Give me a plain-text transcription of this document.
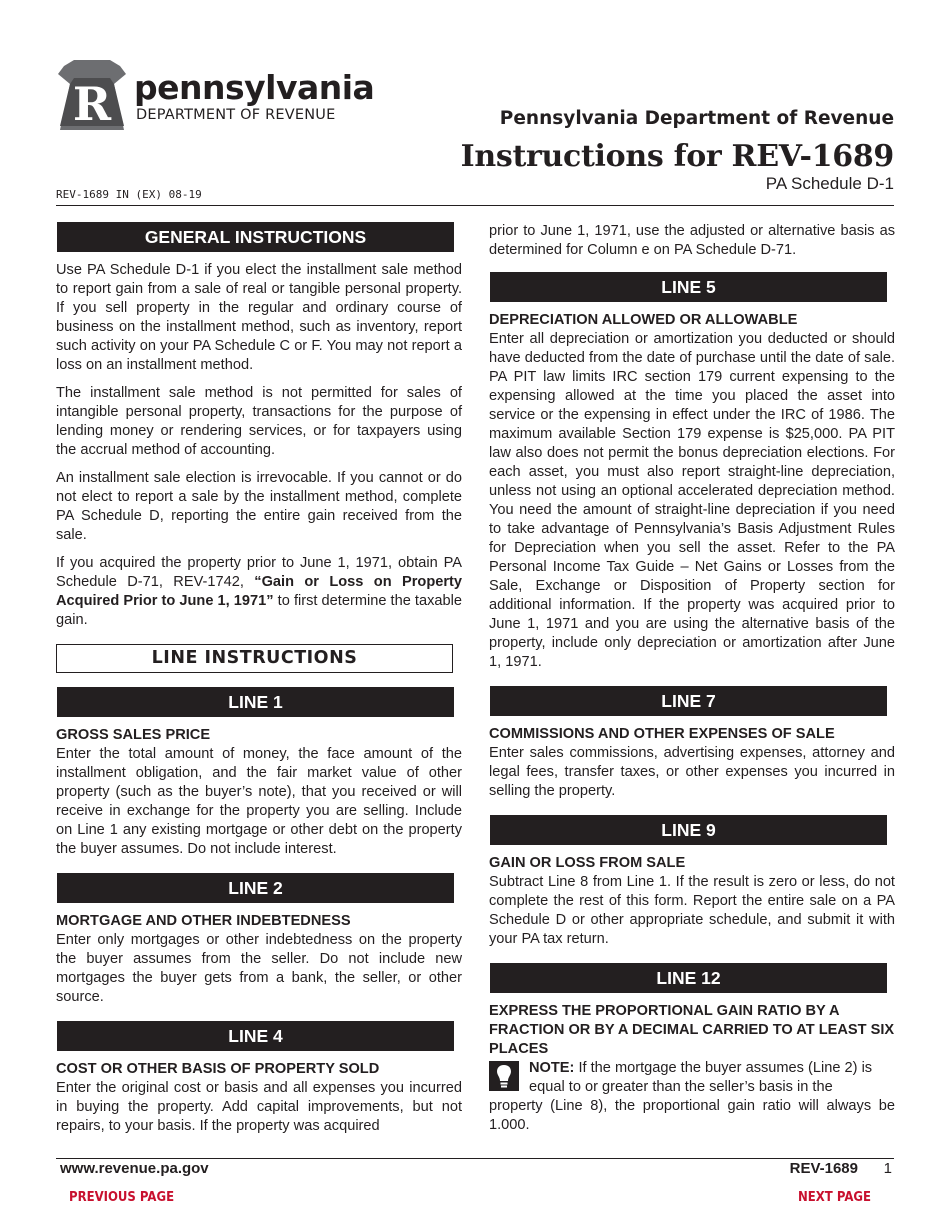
R pennsylvania
DEPARTMENT OF REVENUE	Pennsylvania Department of Revenue
Instructions for REV-1689
PA Schedule D-1
REV-1689 IN (EX) 08-19
GENERAL INSTRUCTIONS

Use PA Schedule D-1 if you elect the installment sale method to report gain from a sale of real or tangible personal property. If you sell property in the regular and ordinary course of business on the installment method, such as inventory, report such activity on your PA Schedule C or F. You may not report a loss on an installment method.

The installment sale method is not permitted for sales of intangible personal property, transactions for the purpose of lending money or rendering services, or for taxpayers using the accrual method of accounting.

An installment sale election is irrevocable. If you cannot or do not elect to report a sale by the installment method, complete PA Schedule D, reporting the entire gain received from the sale.

If you acquired the property prior to June 1, 1971, obtain PA Schedule D-71, REV-1742, “Gain or Loss on Property Acquired Prior to June 1, 1971” to first determine the taxable gain.

LINE INSTRUCTIONS
LINE 1
GROSS SALES PRICE

Enter the total amount of money, the face amount of the installment obligation, and the fair market value of other property (such as the buyer’s note), that you received or will receive in exchange for the property you are selling. Include on Line 1 any existing mortgage or other debt on the property the buyer assumes. Do not include interest.

LINE 2
MORTGAGE AND OTHER INDEBTEDNESS

Enter only mortgages or other indebtedness on the property the buyer assumes from the seller. Do not include new mortgages the buyer gets from a bank, the seller, or other source.

LINE 4
COST OR OTHER BASIS OF PROPERTY SOLD

Enter the original cost or basis and all expenses you incurred in buying the property. Add capital improvements, but not repairs, to your basis. If the property was acquired

prior to June 1, 1971, use the adjusted or alternative basis as determined for Column e on PA Schedule D-71.

LINE 5
DEPRECIATION ALLOWED OR ALLOWABLE

Enter all depreciation or amortization you deducted or should have deducted from the date of purchase until the date of sale. PA PIT law limits IRC section 179 current expensing to the expensing allowed at the time you placed the asset into service or the expensing in effect under the IRC of 1986. The maximum available Section 179 expense is $25,000. PA PIT law also does not permit the bonus depreciation elections. For each asset, you must also report straight-line depreciation, unless not using an optional accelerated depreciation method. You need the amount of straight-line depreciation if you need to take advantage of Pennsylvania’s Basis Adjustment Rules for Depreciation when you sell the asset. Refer to the PA Personal Income Tax Guide – Net Gains or Losses from the Sale, Exchange or Disposition of Property section for additional information. If the property was acquired prior to June 1, 1971 and you are using the alternative basis of the property, include only depreciation or amortization after June 1, 1971.

LINE 7
COMMISSIONS AND OTHER EXPENSES OF SALE

Enter sales commissions, advertising expenses, attorney and legal fees, transfer taxes, or other expenses you incurred in selling the property.

LINE 9
GAIN OR LOSS FROM SALE

Subtract Line 8 from Line 1. If the result is zero or less, do not complete the rest of this form. Report the entire sale on a PA Schedule D or other appropriate schedule, and submit it with your PA tax return.

LINE 12
EXPRESS THE PROPORTIONAL GAIN RATIO BY A FRACTION OR BY A DECIMAL CARRIED TO AT LEAST SIX PLACES
NOTE: If the mortgage the buyer assumes (Line 2) is
equal to or greater than the seller’s basis in the

property (Line 8), the proportional gain ratio will always be 1.000.

www.revenue.pa.gov	REV-1689 1
PREVIOUS PAGE	NEXT PAGE
